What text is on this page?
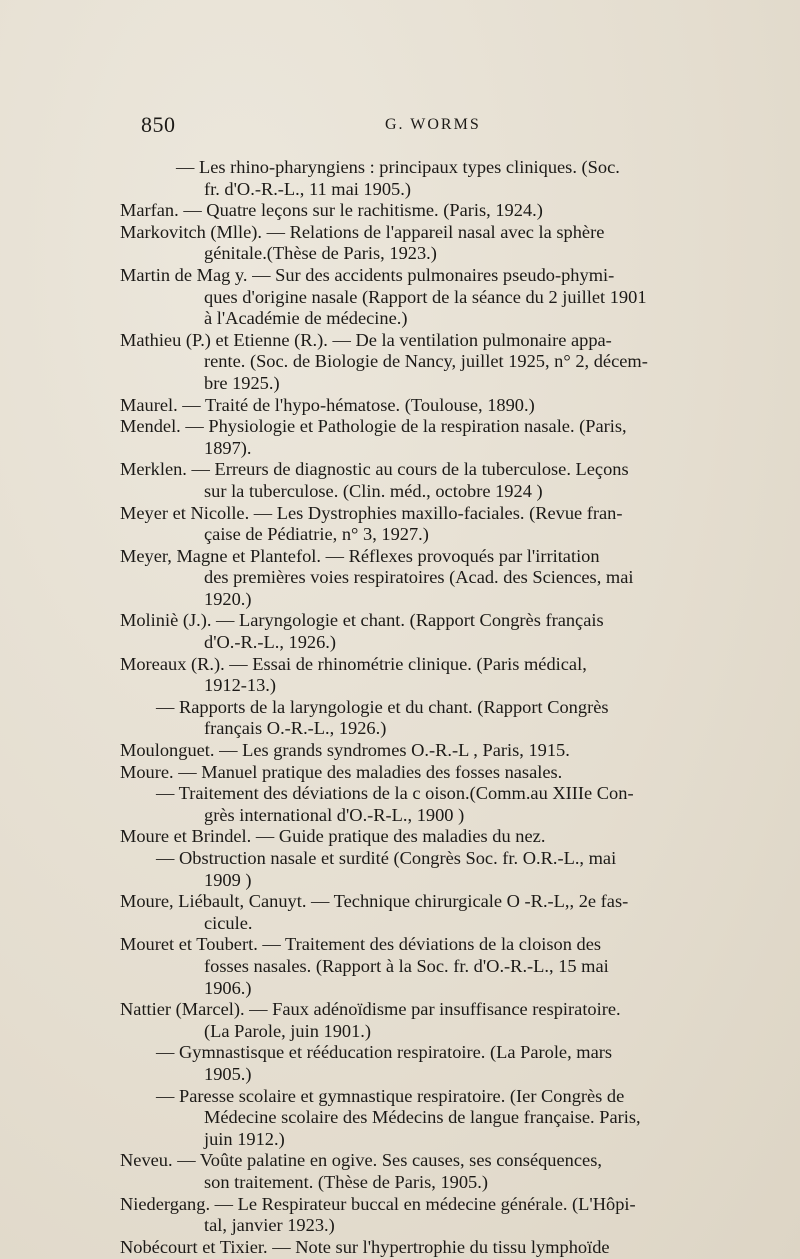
850	G. WORMS
— Les rhino-pharyngiens : principaux types cliniques. (Soc.
fr. d'O.-R.-L., 11 mai 1905.)
Marfan. — Quatre leçons sur le rachitisme. (Paris, 1924.)
Markovitch (Mlle). — Relations de l'appareil nasal avec la sphère
génitale.(Thèse de Paris, 1923.)
Martin de Mag y. — Sur des accidents pulmonaires pseudo-phymi-
ques d'origine nasale (Rapport de la séance du 2 juillet 1901
à l'Académie de médecine.)
Mathieu (P.) et Etienne (R.). — De la ventilation pulmonaire appa-
rente. (Soc. de Biologie de Nancy, juillet 1925, n° 2, décem-
bre 1925.)
Maurel. — Traité de l'hypo-hématose. (Toulouse, 1890.)
Mendel. — Physiologie et Pathologie de la respiration nasale. (Paris,
1897).
Merklen. — Erreurs de diagnostic au cours de la tuberculose. Leçons
sur la tuberculose. (Clin. méd., octobre 1924 )
Meyer et Nicolle. — Les Dystrophies maxillo-faciales. (Revue fran-
çaise de Pédiatrie, n° 3, 1927.)
Meyer, Magne et Plantefol. — Réflexes provoqués par l'irritation
des premières voies respiratoires (Acad. des Sciences, mai
1920.)
Moliniè (J.). — Laryngologie et chant. (Rapport Congrès français
d'O.-R.-L., 1926.)
Moreaux (R.). — Essai de rhinométrie clinique. (Paris médical,
1912-13.)
— Rapports de la laryngologie et du chant. (Rapport Congrès
français O.-R.-L., 1926.)
Moulonguet. — Les grands syndromes O.-R.-L , Paris, 1915.
Moure. — Manuel pratique des maladies des fosses nasales.
— Traitement des déviations de la c oison.(Comm.au XIIIe Con-
grès international d'O.-R-L., 1900 )
Moure et Brindel. — Guide pratique des maladies du nez.
— Obstruction nasale et surdité (Congrès Soc. fr. O.R.-L., mai
1909 )
Moure, Liébault, Canuyt. — Technique chirurgicale O -R.-L,, 2e fas-
cicule.
Mouret et Toubert. — Traitement des déviations de la cloison des
fosses nasales. (Rapport à la Soc. fr. d'O.-R.-L., 15 mai
1906.)
Nattier (Marcel). — Faux adénoïdisme par insuffisance respiratoire.
(La Parole, juin 1901.)
— Gymnastisque et rééducation respiratoire. (La Parole, mars
1905.)
— Paresse scolaire et gymnastique respiratoire. (Ier Congrès de
Médecine scolaire des Médecins de langue française. Paris,
juin 1912.)
Neveu. — Voûte palatine en ogive. Ses causes, ses conséquences,
son traitement. (Thèse de Paris, 1905.)
Niedergang. — Le Respirateur buccal en médecine générale. (L'Hôpi-
tal, janvier 1923.)
Nobécourt et Tixier. — Note sur l'hypertrophie du tissu lymphoïde
